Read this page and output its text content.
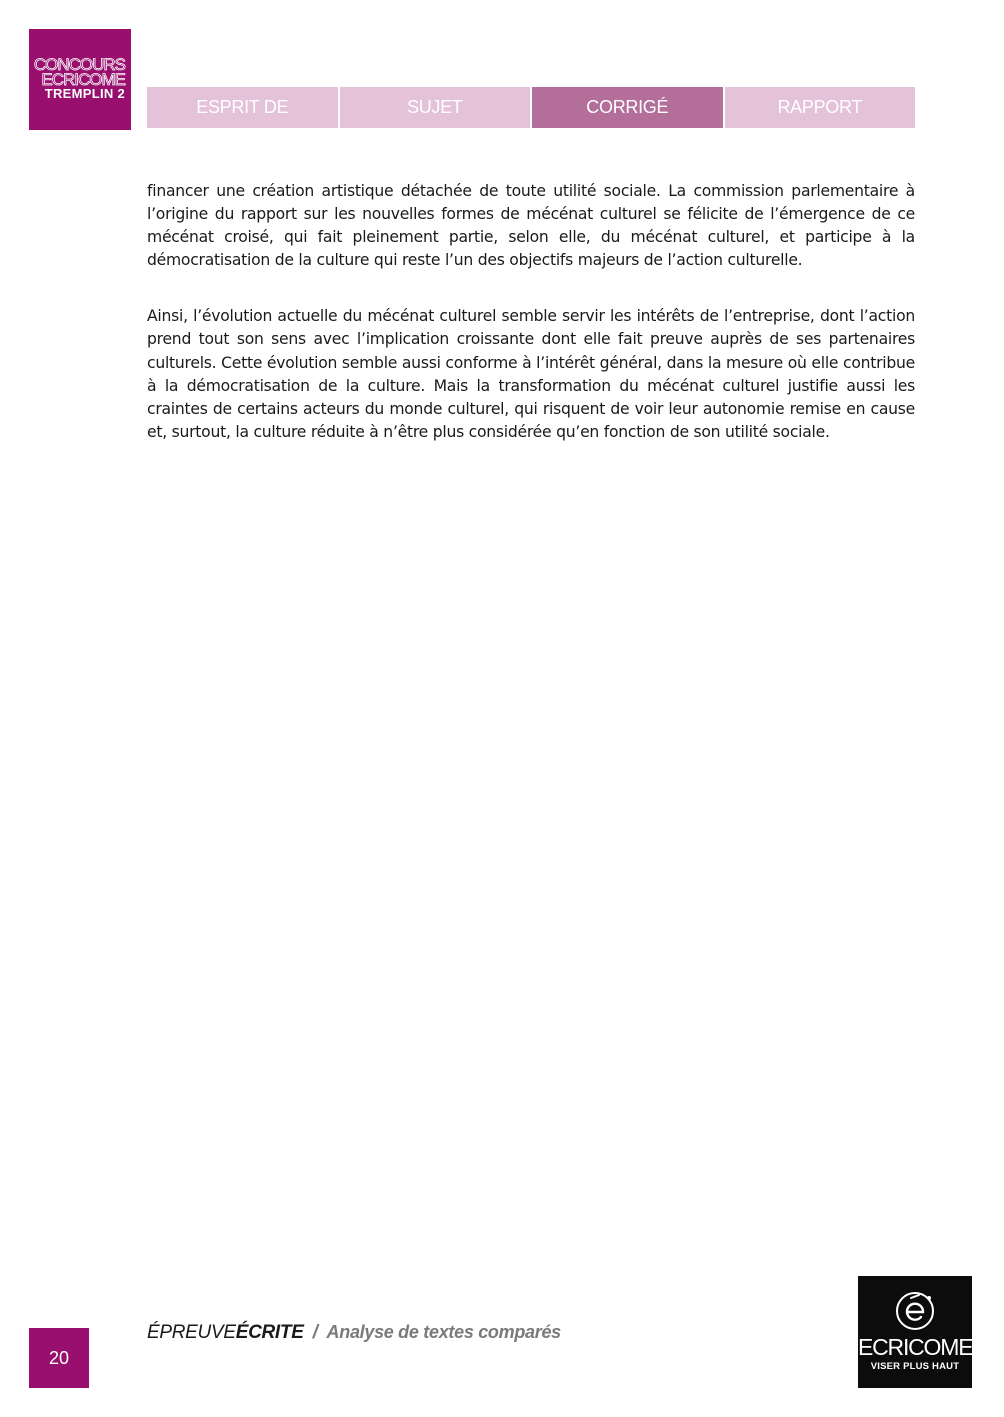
CONCOURS
ECRICOME
TREMPLIN 2
ESPRIT DE L’ÉPREUVE
SUJET	CORRIGÉ	RAPPORT

financer une création artistique détachée de toute utilité sociale. La commission parlementaire à l’origine du rapport sur les nouvelles formes de mécénat culturel se félicite de l’émergence de ce mécénat croisé, qui fait pleinement partie, selon elle, du mécénat culturel, et participe à la démocratisation de la culture qui reste l’un des objectifs majeurs de l’action culturelle.

Ainsi, l’évolution actuelle du mécénat culturel semble servir les intérêts de l’entreprise, dont l’action prend tout son sens avec l’implication croissante dont elle fait preuve auprès de ses partenaires culturels. Cette évolution semble aussi conforme à l’intérêt général, dans la mesure où elle contribue à la démocratisation de la culture. Mais la transformation du mécénat culturel justifie aussi les craintes de certains acteurs du monde culturel, qui risquent de voir leur autonomie remise en cause et, surtout, la culture réduite à n’être plus considérée qu’en fonction de son utilité sociale.

20
ÉPREUVEÉCRITE / Analyse de textes comparés
ECRICOME
VISER PLUS HAUT
